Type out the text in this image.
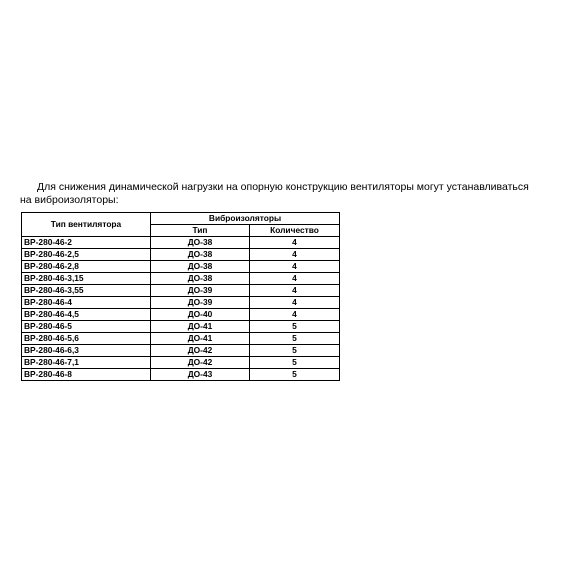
Для снижения динамической нагрузки на опорную конструкцию вентиляторы могут устанавливаться
на виброизоляторы:

Тип вентилятора	Виброизоляторы	
	Тип	Количество
ВР-280-46-2	ДО-38	4
ВР-280-46-2,5	ДО-38	4
ВР-280-46-2,8	ДО-38	4
ВР-280-46-3,15	ДО-38	4
ВР-280-46-3,55	ДО-39	4
ВР-280-46-4	ДО-39	4
ВР-280-46-4,5	ДО-40	4
ВР-280-46-5	ДО-41	5
ВР-280-46-5,6	ДО-41	5
ВР-280-46-6,3	ДО-42	5
ВР-280-46-7,1	ДО-42	5
ВР-280-46-8	ДО-43	5
